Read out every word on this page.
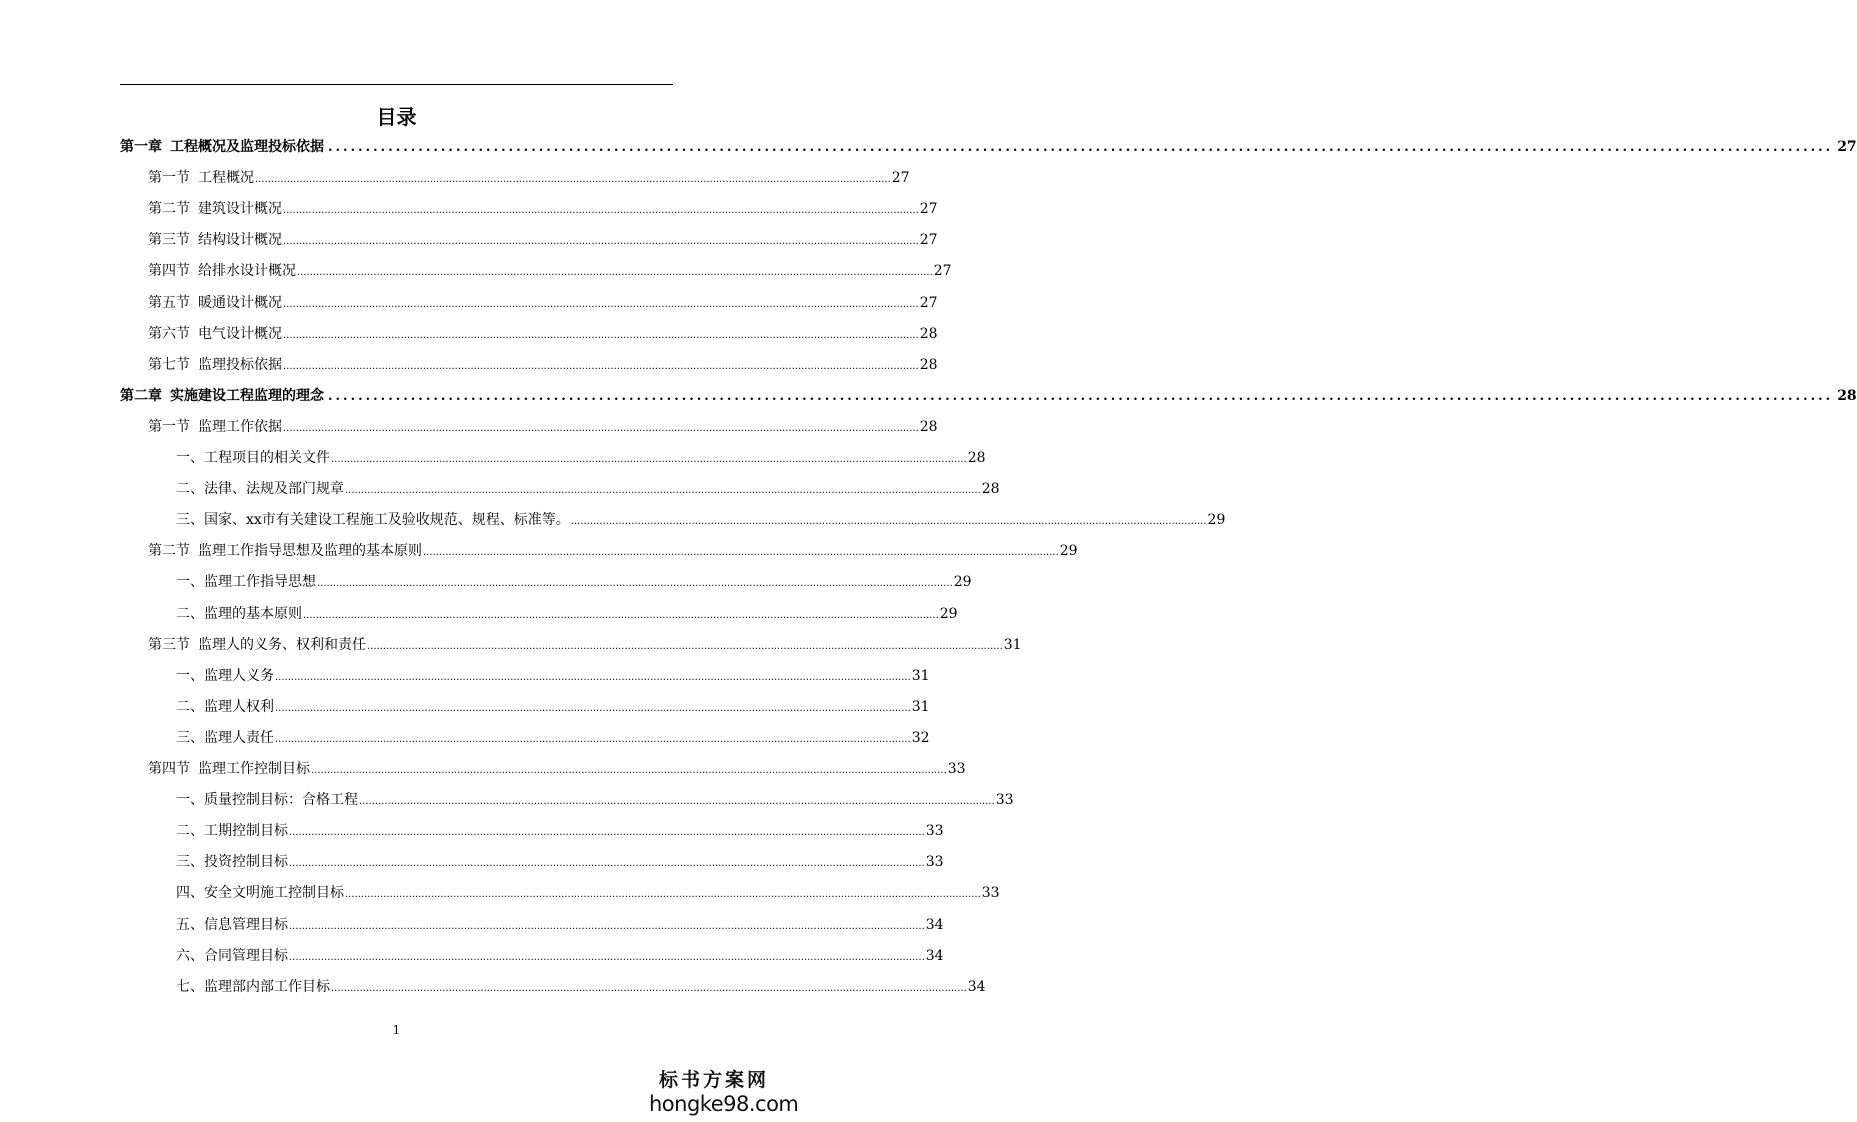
目录
第一章 工程概况及监理投标依据 ........................................................................................................................................................................................................ 27
第一节 工程概况 ........................................................................................................................................................................................................ 27
第二节 建筑设计概况 ........................................................................................................................................................................................................ 27
第三节 结构设计概况 ........................................................................................................................................................................................................ 27
第四节 给排水设计概况 ........................................................................................................................................................................................................ 27
第五节 暖通设计概况 ........................................................................................................................................................................................................ 27
第六节 电气设计概况 ........................................................................................................................................................................................................ 28
第七节 监理投标依据 ........................................................................................................................................................................................................ 28
第二章 实施建设工程监理的理念 ........................................................................................................................................................................................................ 28
第一节 监理工作依据 ........................................................................................................................................................................................................ 28
一、工程项目的相关文件 ........................................................................................................................................................................................................ 28
二、法律、法规及部门规章 ........................................................................................................................................................................................................ 28
三、国家、xx市有关建设工程施工及验收规范、规程、标准等。 ........................................................................................................................................................................................................ 29
第二节 监理工作指导思想及监理的基本原则 ........................................................................................................................................................................................................ 29
一、监理工作指导思想 ........................................................................................................................................................................................................ 29
二、监理的基本原则 ........................................................................................................................................................................................................ 29
第三节 监理人的义务、权利和责任 ........................................................................................................................................................................................................ 31
一、监理人义务 ........................................................................................................................................................................................................ 31
二、监理人权利 ........................................................................................................................................................................................................ 31
三、监理人责任 ........................................................................................................................................................................................................ 32
第四节 监理工作控制目标 ........................................................................................................................................................................................................ 33
一、质量控制目标：合格工程 ........................................................................................................................................................................................................ 33
二、工期控制目标 ........................................................................................................................................................................................................ 33
三、投资控制目标 ........................................................................................................................................................................................................ 33
四、安全文明施工控制目标 ........................................................................................................................................................................................................ 33
五、信息管理目标 ........................................................................................................................................................................................................ 34
六、合同管理目标 ........................................................................................................................................................................................................ 34
七、监理部内部工作目标 ........................................................................................................................................................................................................ 34
1
标书方案网
hongke98.com
